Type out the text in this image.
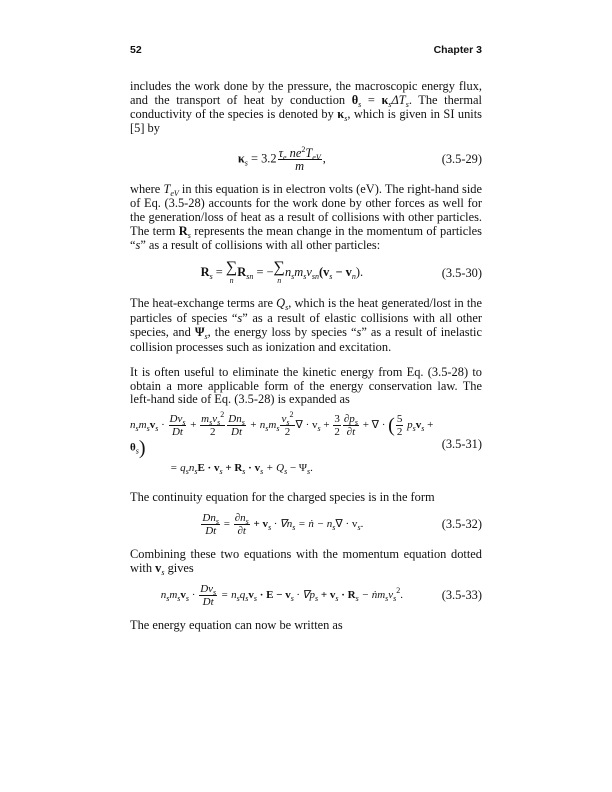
52	Chapter 3
includes the work done by the pressure, the macroscopic energy flux, and the transport of heat by conduction $\theta_s = \kappa_s\Delta T_s$. The thermal conductivity of the species is denoted by $\kappa_s$, which is given in SI units [5] by
$\kappa_s = 3.2 \frac{\tau_e ne^2T_{eV}}{m}$ ,	(3.5-29)
where $T_{eV}$ in this equation is in electron volts (eV). The right-hand side of Eq. (3.5-28) accounts for the work done by other forces as well for the generation/loss of heat as a result of collisions with other particles. The term $R_s$ represents the mean change in the momentum of particles “s” as a result of collisions with all other particles:
$R_s$ = ∑
n
$R_{sn}$ = − ∑
n
$n_sm_s\nu_{sn}(v_s - v_n)$.	(3.5-30)
The heat-exchange terms are $Q_s$, which is the heat generated/lost in the particles of species “s” as a result of elastic collisions with all other species, and $\Psi_s$, the energy loss by species “s” as a result of inelastic collision processes such as ionization and excitation.
It is often useful to eliminate the kinetic energy from Eq. (3.5-28) to obtain a more applicable form of the energy conservation law. The left-hand side of Eq. (3.5-28) is expanded as
$n_sm_sv_s \cdot \frac{Dv_s}{Dt} + \frac{m_sv_s^2}{2} \frac{Dn_s}{Dt} + n_sm_s \frac{v_s^2}{2}$ ∇ · $v_s + \frac{3}{2} \frac{\partial p_s}{\partial t}$ + ∇ · ( $\frac{5}{2} p_sv_s + \theta_s$)
= $q_sn_sE \cdot v_s + R_s \cdot v_s + Q_s - \Psi_s$.
(3.5-31)
The continuity equation for the charged species is in the form
$\frac{Dn_s}{Dt} = \frac{\partial n_s}{\partial t} + v_s \cdot \nabla n_s$ = ṅ − $n_s\nabla \cdot v_s$.	(3.5-32)
Combining these two equations with the momentum equation dotted with $v_s$ gives
$n_sm_sv_s \cdot \frac{Dv_s}{Dt} = n_sq_sv_s \cdot E - v_s \cdot \nabla p_s + v_s \cdot R_s$ − $ṅm_sv_s^2$.	(3.5-33)
The energy equation can now be written as
